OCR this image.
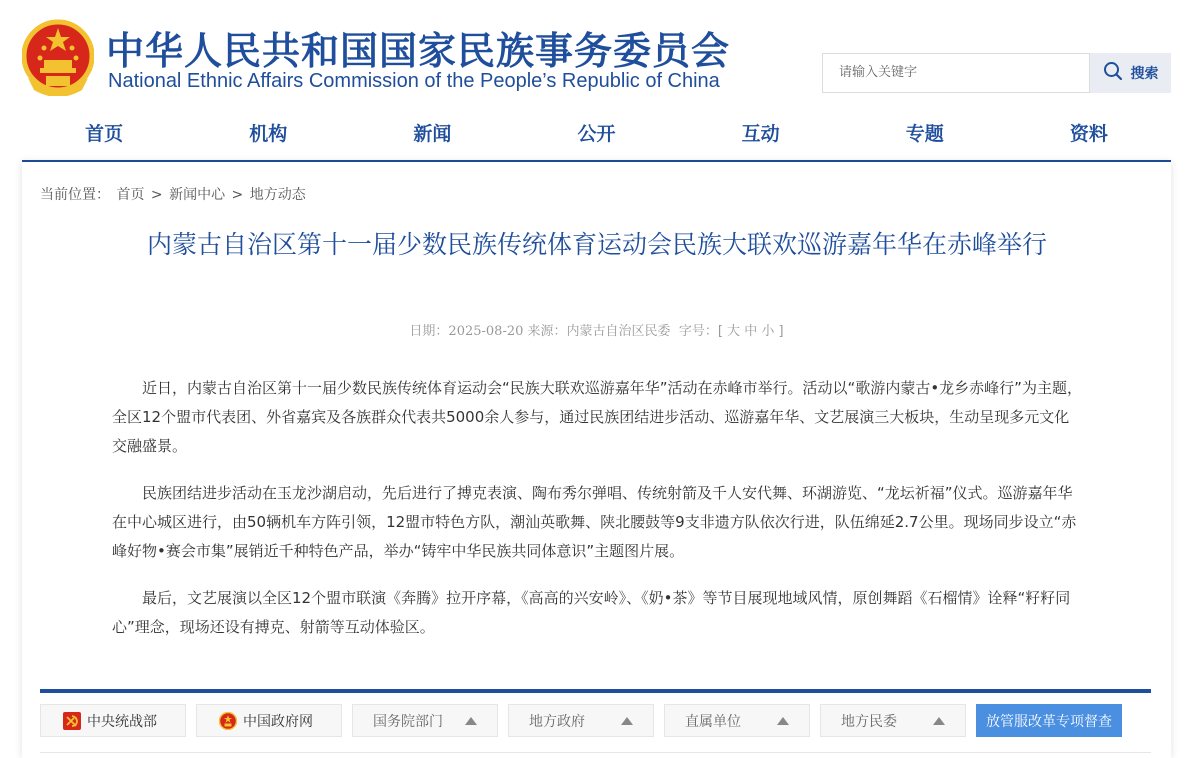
中华人民共和国国家民族事务委员会
National Ethnic Affairs Commission of the People’s Republic of China	请输入关键字	搜索
首页	机构	新闻	公开	互动	专题	资料
当前位置： 首页 > 新闻中心 > 地方动态
内蒙古自治区第十一届少数民族传统体育运动会民族大联欢巡游嘉年华在赤峰举行
日期：2025-08-20 来源：内蒙古自治区民委 字号：[ 大 中 小 ]

近日，内蒙古自治区第十一届少数民族传统体育运动会“民族大联欢巡游嘉年华”活动在赤峰市举行。活动以“歌游内蒙古•龙乡赤峰行”为主题，全区12个盟市代表团、外省嘉宾及各族群众代表共5000余人参与，通过民族团结进步活动、巡游嘉年华、文艺展演三大板块，生动呈现多元文化交融盛景。

民族团结进步活动在玉龙沙湖启动，先后进行了搏克表演、陶布秀尔弹唱、传统射箭及千人安代舞、环湖游览、“龙坛祈福”仪式。巡游嘉年华在中心城区进行，由50辆机车方阵引领，12盟市特色方队，潮汕英歌舞、陕北腰鼓等9支非遗方队依次行进，队伍绵延2.7公里。现场同步设立“赤峰好物•赛会市集”展销近千种特色产品，举办“铸牢中华民族共同体意识”主题图片展。

最后，文艺展演以全区12个盟市联演《奔腾》拉开序幕，《高高的兴安岭》、《奶•茶》等节目展现地域风情，原创舞蹈《石榴情》诠释“籽籽同心”理念，现场还设有搏克、射箭等互动体验区。

中央统战部	中国政府网	国务院部门	地方政府	直属单位	地方民委	放管服改革专项督查
